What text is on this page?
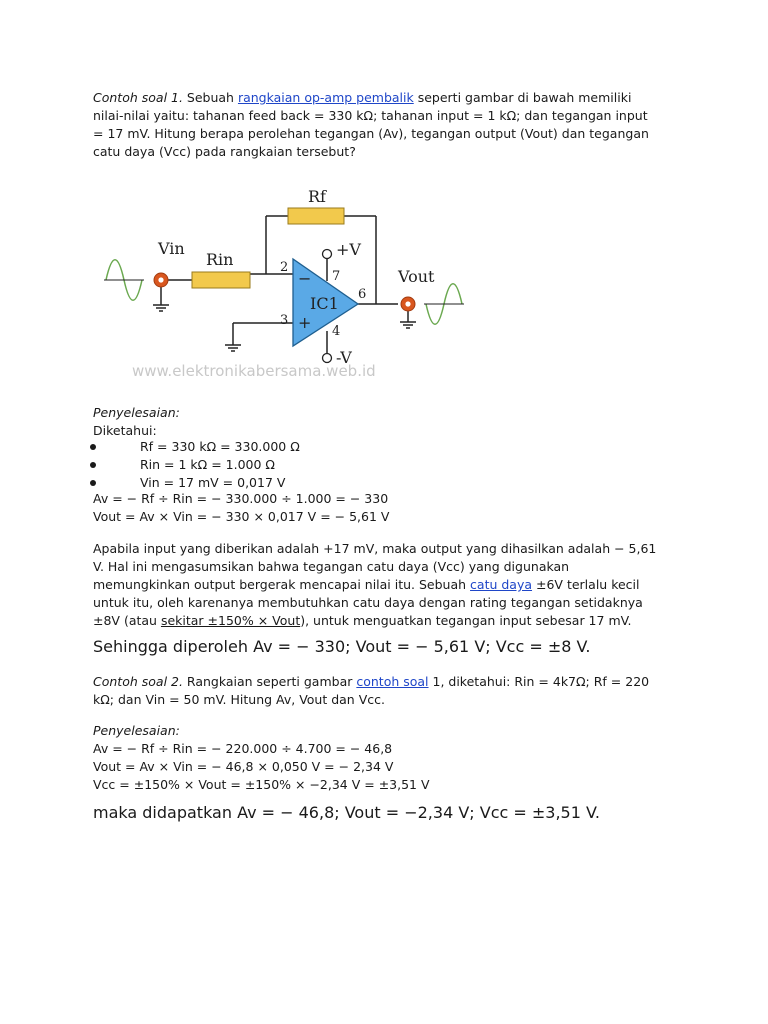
Contoh soal 1. Sebuah rangkaian op-amp pembalik seperti gambar di bawah memiliki
nilai-nilai yaitu: tahanan feed back = 330 kΩ; tahanan input = 1 kΩ; dan tegangan input
= 17 mV. Hitung berapa perolehan tegangan (Av), tegangan output (Vout) dan tegangan
catu daya (Vcc) pada rangkaian tersebut?

Rf
Rin
Vin
Vout
IC1
+V
-V
2
3
4
7
6
−
+
www.elektronikabersama.web.id

Penyelesaian:
Diketahui:

Rf = 330 kΩ = 330.000 Ω
Rin = 1 kΩ = 1.000 Ω
Vin = 17 mV = 0,017 V

Av = − Rf ÷ Rin = − 330.000 ÷ 1.000 = − 330
Vout = Av × Vin = − 330 × 0,017 V = − 5,61 V

Apabila input yang diberikan adalah +17 mV, maka output yang dihasilkan adalah − 5,61
V. Hal ini mengasumsikan bahwa tegangan catu daya (Vcc) yang digunakan
memungkinkan output bergerak mencapai nilai itu. Sebuah catu daya ±6V terlalu kecil
untuk itu, oleh karenanya membutuhkan catu daya dengan rating tegangan setidaknya
±8V (atau sekitar ±150% × Vout), untuk menguatkan tegangan input sebesar 17 mV.

Sehingga diperoleh Av = − 330; Vout = − 5,61 V; Vcc = ±8 V.

Contoh soal 2. Rangkaian seperti gambar contoh soal 1, diketahui: Rin = 4k7Ω; Rf = 220
kΩ; dan Vin = 50 mV. Hitung Av, Vout dan Vcc.

Penyelesaian:
Av = − Rf ÷ Rin = − 220.000 ÷ 4.700 = − 46,8
Vout = Av × Vin = − 46,8 × 0,050 V = − 2,34 V
Vcc = ±150% × Vout = ±150% × −2,34 V = ±3,51 V

maka didapatkan Av = − 46,8; Vout = −2,34 V; Vcc = ±3,51 V.
